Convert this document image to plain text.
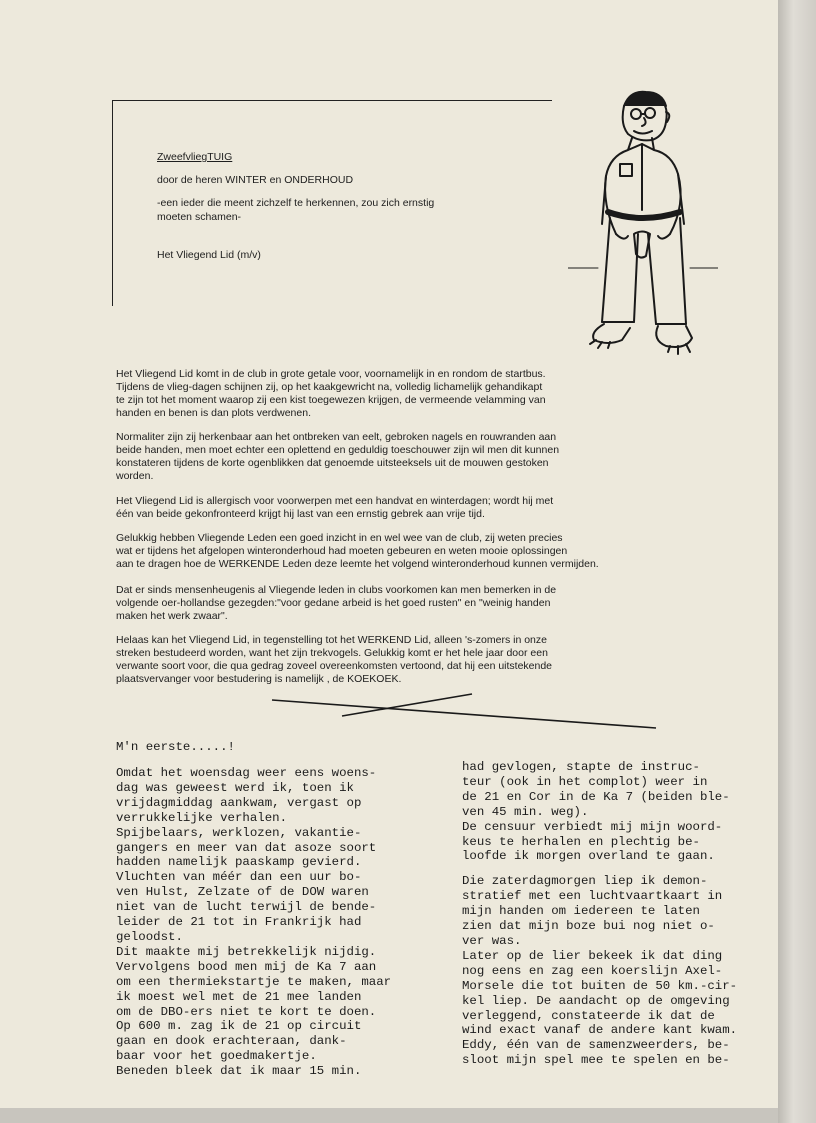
ZweefvliegTUIG
door de heren WINTER en ONDERHOUD
-een ieder die meent zichzelf te herkennen, zou zich ernstig
moeten schamen-
Het Vliegend Lid (m/v)
Het Vliegend Lid komt in de club in grote getale voor, voornamelijk in en rondom de startbus.
Tijdens de vlieg-dagen schijnen zij, op het kaakgewricht na, volledig lichamelijk gehandikapt
te zijn tot het moment waarop zij een kist toegewezen krijgen, de vermeende velamming van
handen en benen is dan plots verdwenen.
Normaliter zijn zij herkenbaar aan het ontbreken van eelt, gebroken nagels en rouwranden aan
beide handen, men moet echter een oplettend en geduldig toeschouwer zijn wil men dit kunnen
konstateren tijdens de korte ogenblikken dat genoemde uitsteeksels uit de mouwen gestoken
worden.
Het Vliegend Lid is allergisch voor voorwerpen met een handvat en winterdagen; wordt hij met
één van beide gekonfronteerd krijgt hij last van een ernstig gebrek aan vrije tijd.
Gelukkig hebben Vliegende Leden een goed inzicht in en wel wee van de club, zij weten precies
wat er tijdens het afgelopen winteronderhoud had moeten gebeuren en weten mooie oplossingen
aan te dragen hoe de WERKENDE Leden deze leemte het volgend winteronderhoud kunnen vermijden.
Dat er sinds mensenheugenis al Vliegende leden in clubs voorkomen kan men bemerken in de
volgende oer-hollandse gezegden:"voor gedane arbeid is het goed rusten" en "weinig handen
maken het werk zwaar".
Helaas kan het Vliegend Lid, in tegenstelling tot het WERKEND Lid, alleen 's-zomers in onze
streken bestudeerd worden, want het zijn trekvogels. Gelukkig komt er het hele jaar door een
verwante soort voor, die qua gedrag zoveel overeenkomsten vertoond, dat hij een uitstekende
plaatsvervanger voor bestudering is namelijk , de KOEKOEK.
M'n eerste.....!
Omdat het woensdag weer eens woens-
dag was geweest werd ik, toen ik
vrijdagmiddag aankwam, vergast op
verrukkelijke verhalen.
Spijbelaars, werklozen, vakantie-
gangers en meer van dat asoze soort
hadden namelijk paaskamp gevierd.
Vluchten van méér dan een uur bo-
ven Hulst, Zelzate of de DOW waren
niet van de lucht terwijl de bende-
leider de 21 tot in Frankrijk had
geloodst.
Dit maakte mij betrekkelijk nijdig.
Vervolgens bood men mij de Ka 7 aan
om een thermiekstartje te maken, maar
ik moest wel met de 21 mee landen
om de DBO-ers niet te kort te doen.
Op 600 m. zag ik de 21 op circuit
gaan en dook erachteraan, dank-
baar voor het goedmakertje.
Beneden bleek dat ik maar 15 min.
had gevlogen, stapte de instruc-
teur (ook in het complot) weer in
de 21 en Cor in de Ka 7 (beiden ble-
ven 45 min. weg).
De censuur verbiedt mij mijn woord-
keus te herhalen en plechtig be-
loofde ik morgen overland te gaan.
Die zaterdagmorgen liep ik demon-
stratief met een luchtvaartkaart in
mijn handen om iedereen te laten
zien dat mijn boze bui nog niet o-
ver was.
Later op de lier bekeek ik dat ding
nog eens en zag een koerslijn Axel-
Morsele die tot buiten de 50 km.-cir-
kel liep. De aandacht op de omgeving
verleggend, constateerde ik dat de
wind exact vanaf de andere kant kwam.
Eddy, één van de samenzweerders, be-
sloot mijn spel mee te spelen en be-
